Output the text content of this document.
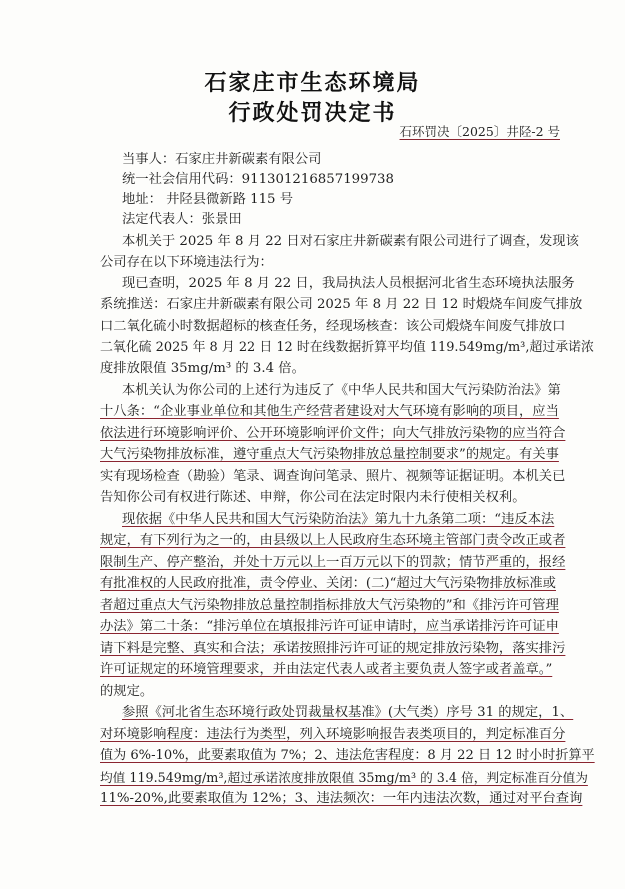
石家庄市生态环境局
行政处罚决定书
石环罚决〔2025〕井陉-2 号
当事人：石家庄井新碳素有限公司
统一社会信用代码：911301216857199738
地址： 井陉县微新路 115 号
法定代表人：张景田
本机关于 2025 年 8 月 22 日对石家庄井新碳素有限公司进行了调查，发现该
公司存在以下环境违法行为：
现已查明，2025 年 8 月 22 日，我局执法人员根据河北省生态环境执法服务
系统推送：石家庄井新碳素有限公司 2025 年 8 月 22 日 12 时煅烧车间废气排放
口二氧化硫小时数据超标的核查任务，经现场核查：该公司煅烧车间废气排放口
二氧化硫 2025 年 8 月 22 日 12 时在线数据折算平均值 119.549mg/m³,超过承诺浓
度排放限值 35mg/m³ 的 3.4 倍。
本机关认为你公司的上述行为违反了《中华人民共和国大气污染防治法》第
十八条：“企业事业单位和其他生产经营者建设对大气环境有影响的项目，应当
依法进行环境影响评价、公开环境影响评价文件；向大气排放污染物的应当符合
大气污染物排放标准，遵守重点大气污染物排放总量控制要求”的规定。有关事
实有现场检查（勘验）笔录、调查询问笔录、照片、视频等证据证明。本机关已
告知你公司有权进行陈述、申辩，你公司在法定时限内未行使相关权利。
现依据《中华人民共和国大气污染防治法》第九十九条第二项：“违反本法
规定，有下列行为之一的，由县级以上人民政府生态环境主管部门责令改正或者
限制生产、停产整治，并处十万元以上一百万元以下的罚款；情节严重的，报经
有批准权的人民政府批准，责令停业、关闭：(二)“超过大气污染物排放标准或
者超过重点大气污染物排放总量控制指标排放大气污染物的”和《排污许可管理
办法》第二十条：“排污单位在填报排污许可证申请时，应当承诺排污许可证申
请下料是完整、真实和合法；承诺按照排污许可证的规定排放污染物，落实排污
许可证规定的环境管理要求，并由法定代表人或者主要负责人签字或者盖章。”
的规定。
参照《河北省生态环境行政处罚裁量权基准》(大气类）序号 31 的规定，1、
对环境影响程度：违法行为类型，列入环境影响报告表类项目的，判定标准百分
值为 6%-10%，此要素取值为 7%；2、违法危害程度：8 月 22 日 12 时小时折算平
均值 119.549mg/m³,超过承诺浓度排放限值 35mg/m³ 的 3.4 倍，判定标准百分值为
11%-20%,此要素取值为 12%；3、违法频次：一年内违法次数，通过对平台查询
